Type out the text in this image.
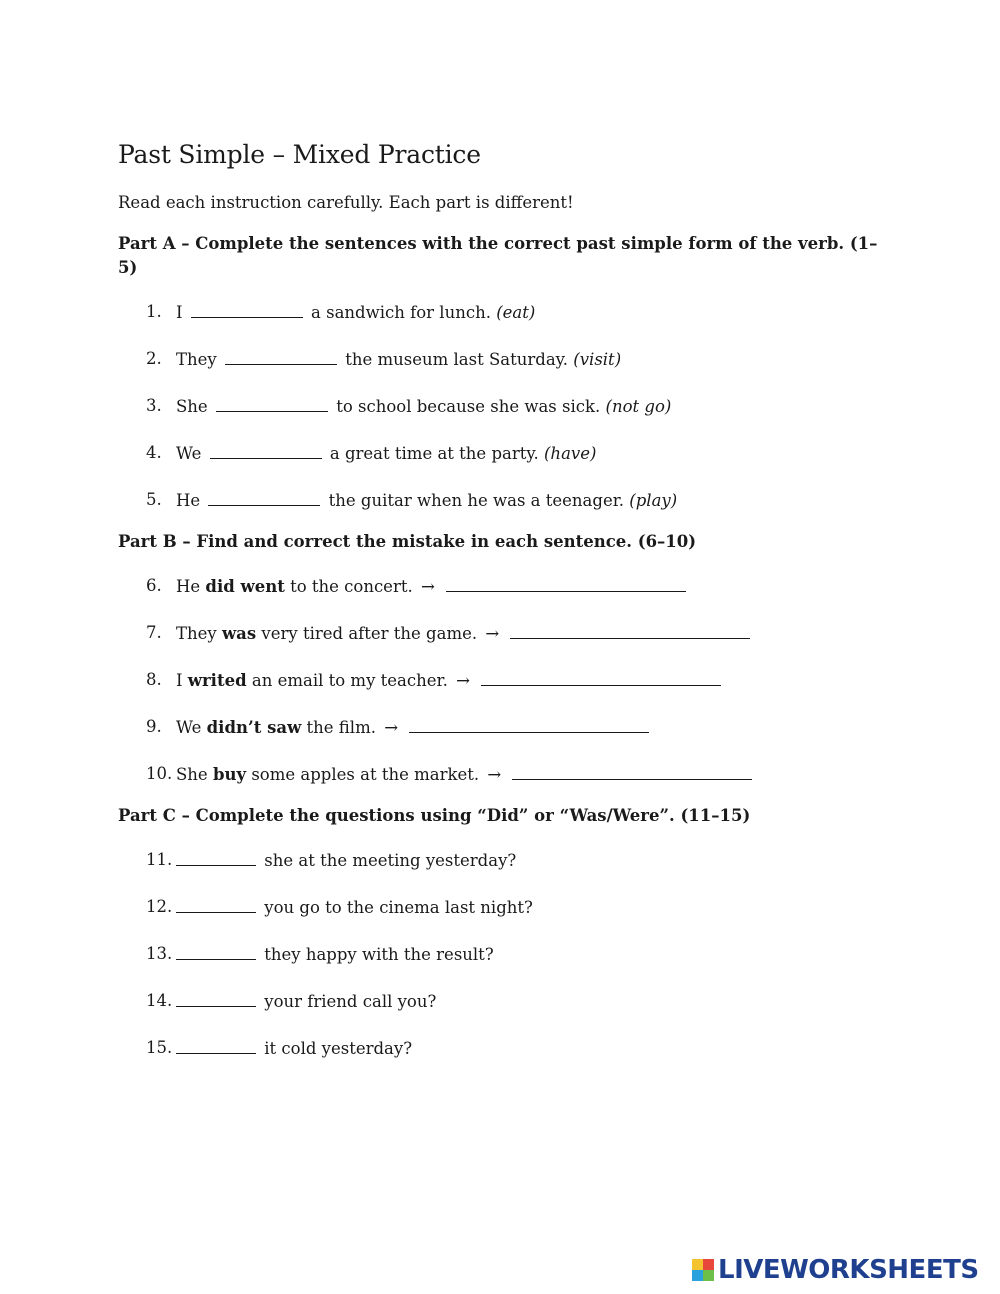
Past Simple – Mixed Practice

Read each instruction carefully. Each part is different!

Part A – Complete the sentences with the correct past simple form of the verb. (1–5)

1. I	a sandwich for lunch. (eat)
2. They	the museum last Saturday. (visit)
3. She	to school because she was sick. (not go)
4. We	a great time at the party. (have)
5. He	the guitar when he was a teenager. (play)

Part B – Find and correct the mistake in each sentence. (6–10)

6. He did went to the concert. →
7. They was very tired after the game. →
8. I writed an email to my teacher. →
9. We didn’t saw the film. →
10. She buy some apples at the market. →

Part C – Complete the questions using “Did” or “Was/Were”. (11–15)

11.	she at the meeting yesterday?
12.	you go to the cinema last night?
13.	they happy with the result?
14.	your friend call you?
15.	it cold yesterday?
LIVEWORKSHEETS
